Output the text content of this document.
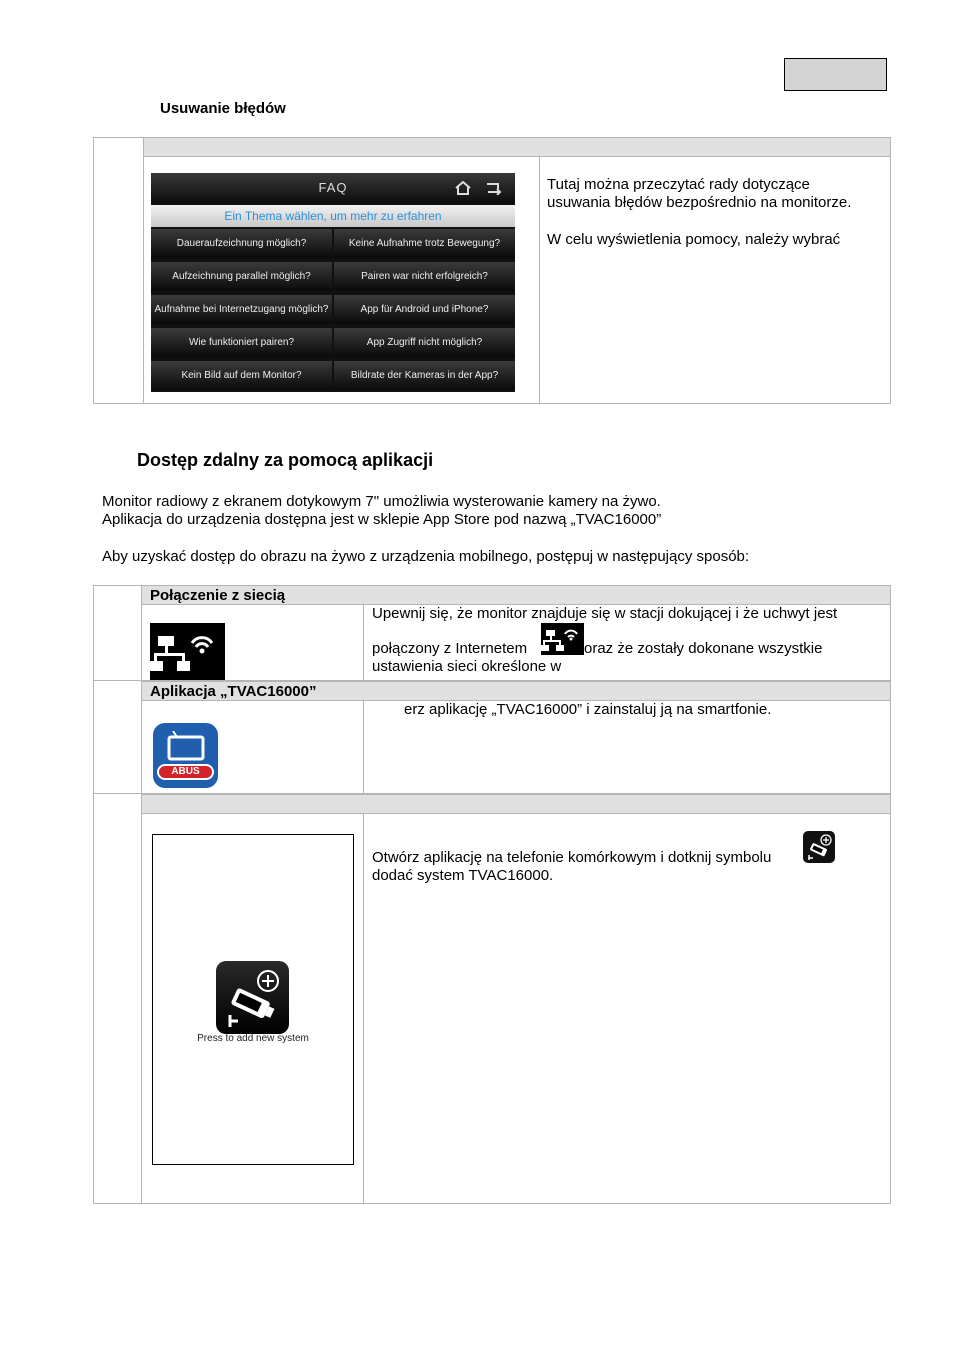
Usuwanie błędów
FAQ
Ein Thema wählen, um mehr zu erfahren
Daueraufzeichnung möglich?	Keine Aufnahme trotz Bewegung?
Aufzeichnung parallel möglich?	Pairen war nicht erfolgreich?
Aufnahme bei Internetzugang möglich?	App für Android und iPhone?
Wie funktioniert pairen?	App Zugriff nicht möglich?
Kein Bild auf dem Monitor?	Bildrate der Kameras in der App?
Tutaj można przeczytać rady dotyczące
usuwania błędów bezpośrednio na monitorze.
W celu wyświetlenia pomocy, należy wybrać
Dostęp zdalny za pomocą aplikacji
Monitor radiowy z ekranem dotykowym 7" umożliwia wysterowanie kamery na żywo.
Aplikacja do urządzenia dostępna jest w sklepie App Store pod nazwą „TVAC16000”
Aby uzyskać dostęp do obrazu na żywo z urządzenia mobilnego, postępuj w następujący sposób:
Połączenie z siecią
Upewnij się, że monitor znajduje się w stacji dokującej i że uchwyt jest
połączony z Internetem	oraz że zostały dokonane wszystkie
ustawienia sieci określone w
Aplikacja „TVAC16000”
ABUS
erz aplikację „TVAC16000” i zainstaluj ją na smartfonie.
Press to add new system
Otwórz aplikację na telefonie komórkowym i dotknij symbolu
dodać system TVAC16000.
